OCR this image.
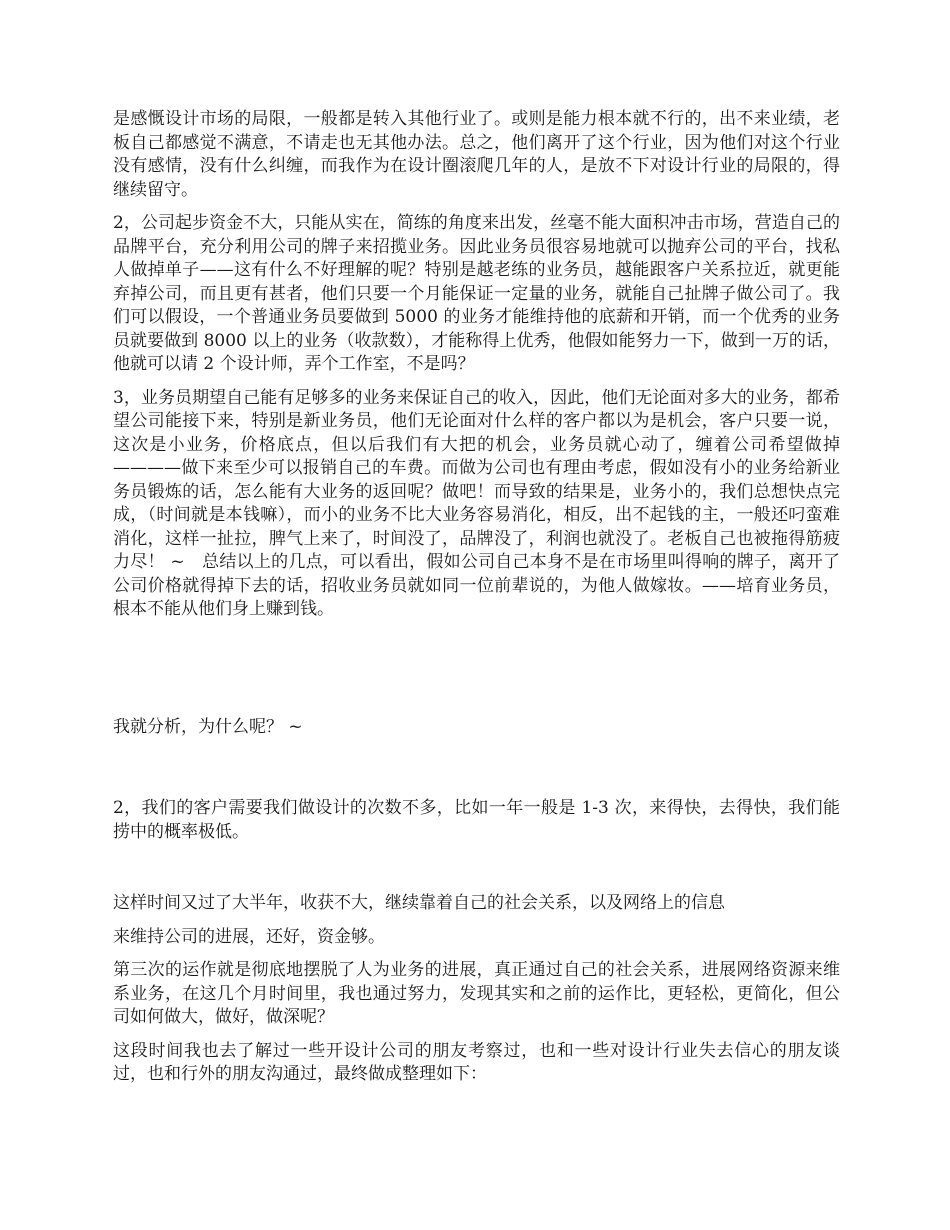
是感慨设计市场的局限，一般都是转入其他行业了。或则是能力根本就不行的，出不来业绩，老板自己都感觉不满意，不请走也无其他办法。总之，他们离开了这个行业，因为他们对这个行业没有感情，没有什么纠缠，而我作为在设计圈滚爬几年的人，是放不下对设计行业的局限的，得继续留守。

2，公司起步资金不大，只能从实在，简练的角度来出发，丝毫不能大面积冲击市场，营造自己的品牌平台，充分利用公司的牌子来招揽业务。因此业务员很容易地就可以抛弃公司的平台，找私人做掉单子——这有什么不好理解的呢？特别是越老练的业务员，越能跟客户关系拉近，就更能弃掉公司，而且更有甚者，他们只要一个月能保证一定量的业务，就能自己扯牌子做公司了。我们可以假设，一个普通业务员要做到 5000 的业务才能维持他的底薪和开销，而一个优秀的业务员就要做到 8000 以上的业务（收款数），才能称得上优秀，他假如能努力一下，做到一万的话，他就可以请 2 个设计师，弄个工作室，不是吗？

3，业务员期望自己能有足够多的业务来保证自己的收入，因此，他们无论面对多大的业务，都希望公司能接下来，特别是新业务员，他们无论面对什么样的客户都以为是机会，客户只要一说，这次是小业务，价格底点，但以后我们有大把的机会，业务员就心动了，缠着公司希望做掉————做下来至少可以报销自己的车费。而做为公司也有理由考虑，假如没有小的业务给新业务员锻炼的话，怎么能有大业务的返回呢？做吧！而导致的结果是，业务小的，我们总想快点完成，（时间就是本钱嘛），而小的业务不比大业务容易消化，相反，出不起钱的主，一般还叼蛮难消化，这样一扯拉，脾气上来了，时间没了，品牌没了，利润也就没了。老板自己也被拖得筋疲力尽！ ~　总结以上的几点，可以看出，假如公司自己本身不是在市场里叫得响的牌子，离开了公司价格就得掉下去的话，招收业务员就如同一位前辈说的，为他人做嫁妆。——培育业务员，根本不能从他们身上赚到钱。

我就分析，为什么呢？ ~

2，我们的客户需要我们做设计的次数不多，比如一年一般是 1-3 次，来得快，去得快，我们能捞中的概率极低。

这样时间又过了大半年，收获不大，继续靠着自己的社会关系，以及网络上的信息

来维持公司的进展，还好，资金够。

第三次的运作就是彻底地摆脱了人为业务的进展，真正通过自己的社会关系，进展网络资源来维系业务，在这几个月时间里，我也通过努力，发现其实和之前的运作比，更轻松，更简化，但公司如何做大，做好，做深呢？

这段时间我也去了解过一些开设计公司的朋友考察过，也和一些对设计行业失去信心的朋友谈过，也和行外的朋友沟通过，最终做成整理如下：
